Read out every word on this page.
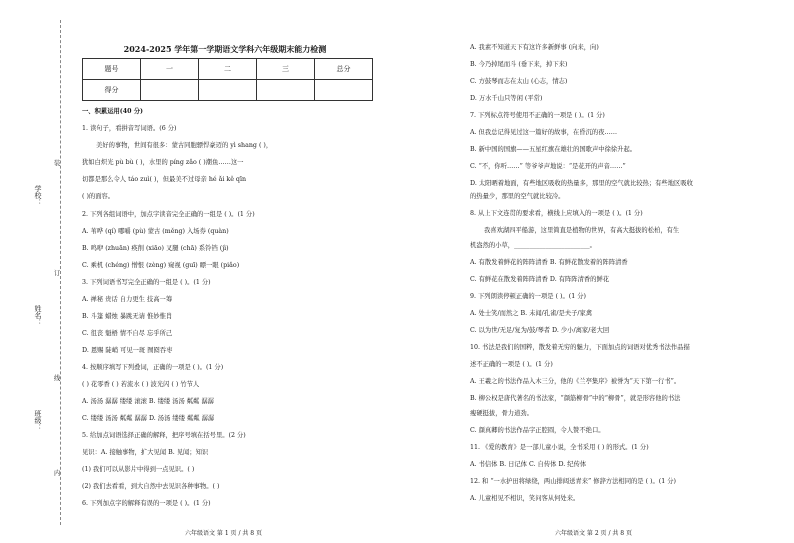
学校：
姓名：
班级：
装
订
线
内
2024-2025 学年第一学期语文学科六年级期末能力检测
题号	一	二	三	总分
得分				
一、积累运用(40 分)
1. 读句子，看拼音写词语。(6 分)
美好的事物，世间有很多：蒙古同胞骠悍豪迈的 yì shang ( )，
犹如白炽光 pù bù ( )，水里的 píng zǎo ( )潮鱼……这一
切都是那么令人 táo zuì( )，但最美不过母亲 hé ǎi kě qīn
( )的面容。
2. 下列各组词语中，加点字读音完全正确的一组是 ( )。(1 分)
A. 苇哗 (qí) 哪嚼 (pù) 蒙古 (měng) 入场券 (quàn)
B. 鸣咿 (zhuān) 痪削 (xiāo) 叉腿 (chā) 系铃铛 (jì)
C. 乘机 (chéng) 憎恨 (zèng) 窥视 (guī) 瞟一眼 (piǎo)
3. 下列词语书写完全正确的一组是 ( )。(1 分)
A. 禅秘 贵话 自力更生 技高一筹
B. 斗篷 蜡烛 暴跳无请 惟妙惟肖
C. 徂丧 魁梧 情不自尽 忘乎所己
D. 恩赐 陡峭 可见一斑 囫囵吞枣
4. 按顺序填写下列叠词，正确的一项是 ( )。(1 分)
( ) 花零香 ( ) 若流水 ( ) 波光闪 ( ) 竹节人
A. 汤汤 潺潺 缕缕 滚滚 B. 缕缕 汤汤 粼粼 潺潺
C. 缕缕 汤汤 粼粼 潺潺 D. 汤汤 缕缕 粼粼 潺潺
5. 给加点词语选择正确的解释，把序号填在括号里。(2 分)
见识：A. 接触事物，扩大见闻 B. 见闻；知识
(1) 我们可以从影片中得到一点见识。( )
(2) 我们去看看，到大自然中去见识各种事物。( )
6. 下列加点字的解释有误的一项是 ( )。(1 分)
A. 我素不知道天下有这许多新鲜事 (向来，向)
B. 今乃掉尾而斗 (垂下来，掉下来)
C. 方鼓琴而志在太山 (心志，情志)
D. 万水千山只等闲 (平常)
7. 下列标点符号使用不正确的一项是 ( )。(1 分)
A. 但我总记得见过这一篇好的故事，在昏沉的夜……
B. 新中国的国旗——五星红旗在雄壮的国歌声中徐徐升起。
C. “不，你听……” 等爷爷声地说：“是花开的声音……”
D. 太阳晒着地面，有些地区吸收的热量多，那里的空气就比较热；有些地区吸收
的热量少，那里的空气就比较冷。
8. 从上下文连贯的要求看，横线上应填入的一项是 ( )。(1 分)
我喜欢湖四平船游，这里简直是植物的世界，有高大挺拔的松柏，有生
机盎然的小草，________________________。
A. 有散发着鲜花的阵阵清香 B. 有鲜花散发着的阵阵清香
C. 有鲜花在散发着阵阵清香 D. 有阵阵清香的鲜花
9. 下列朗读停顿正确的一项是 ( )。(1 分)
A. 处士笑/而然之 B. 未闻/孔雀/是夫子/家禽
C. 以为世/无足/复为/鼓/琴者 D. 少小/离家/老大回
10. 书法是我们的国粹，散发着无穷的魅力，下面加点的词语对优秀书法作品描
述不正确的一项是 ( )。(1 分)
A. 王羲之的书法作品入木三分，他的《兰亭集序》被誉为“天下第一行书”。
B. 柳公权是唐代著名的书法家，“颜筋柳骨”中的“柳骨”，就是形容他的书法
瘦硬挺拔，骨力道劲。
C. 颜真卿的书法作品字正腔圆，令人赞不绝口。
11. 《爱的教育》是一部儿童小说，全书采用 ( ) 的形式。(1 分)
A. 书信体 B. 日记体 C. 自传体 D. 纪传体
12. 和 “一水护田将绿绕，两山排闼送青来” 修辞方法相同的是 ( )。(1 分)
A. 儿童相见不相识，笑问客从何处来。
六年级语文 第 1 页 / 共 8 页	六年级语文 第 2 页 / 共 8 页
